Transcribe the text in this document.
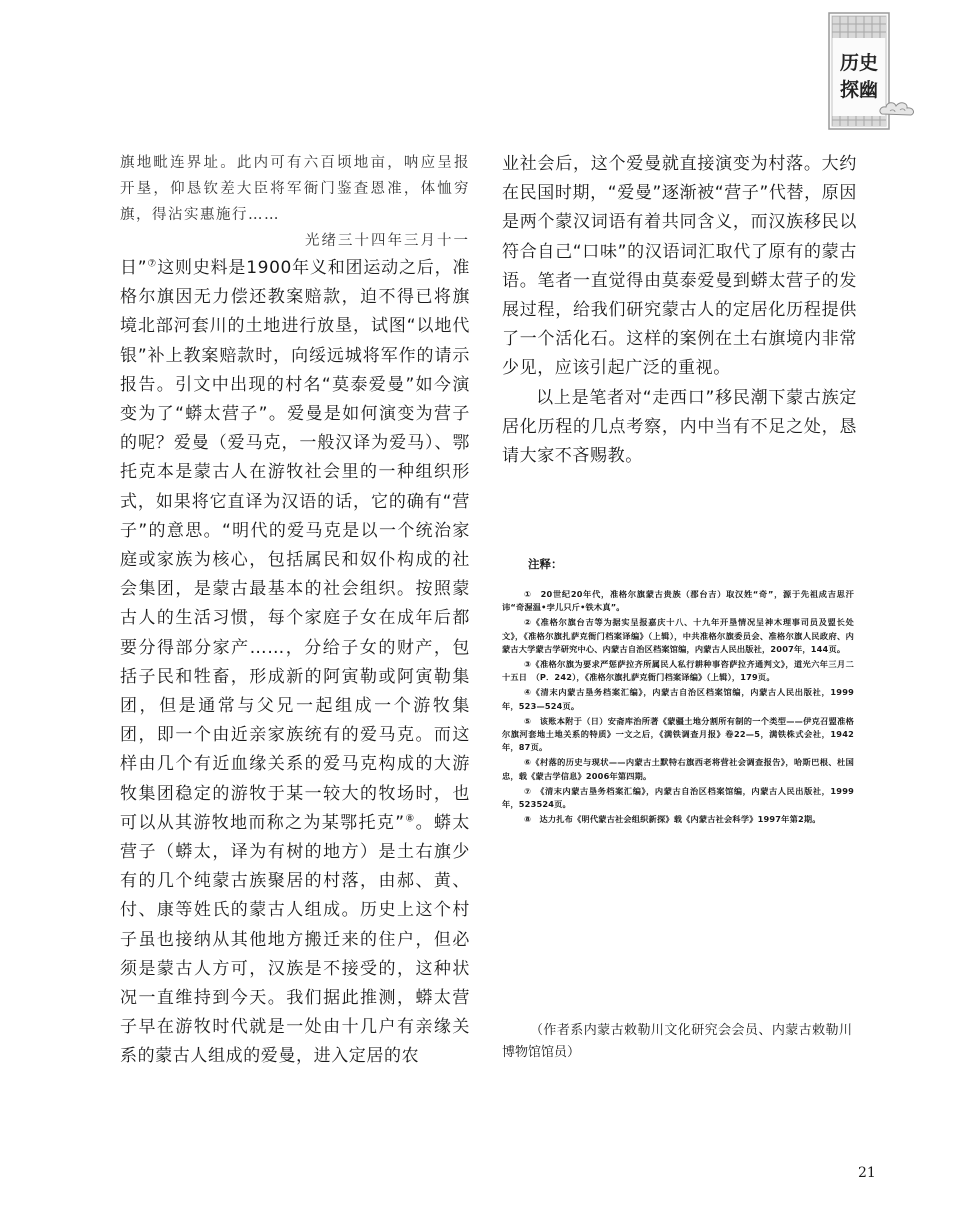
历史
探幽

旗地毗连界址。此内可有六百顷地亩，呐应呈报开垦，仰恳钦差大臣将军衙门鉴査恩准，体恤穷旗，得沾实惠施行……

光绪三十四年三月十一

日”⑦这则史料是1900年义和团运动之后，准格尔旗因无力偿还教案赔款，迫不得已将旗境北部河套川的土地进行放垦，试图“以地代银”补上教案赔款时，向绥远城将军作的请示报告。引文中出现的村名“莫泰爱曼”如今演变为了“蟒太营子”。爱曼是如何演变为营子的呢？爱曼（爱马克，一般汉译为爱马）、鄂托克本是蒙古人在游牧社会里的一种组织形式，如果将它直译为汉语的话，它的确有“营子”的意思。“明代的爱马克是以一个统治家庭或家族为核心，包括属民和奴仆构成的社会集团，是蒙古最基本的社会组织。按照蒙古人的生活习惯，每个家庭子女在成年后都要分得部分家产……，分给子女的财产，包括子民和牲畜，形成新的阿寅勒或阿寅勒集团，但是通常与父兄一起组成一个游牧集团，即一个由近亲家族统有的爱马克。而这样由几个有近血缘关系的爱马克构成的大游牧集团稳定的游牧于某一较大的牧场时，也可以从其游牧地而称之为某鄂托克”⑧。蟒太营子（蟒太，译为有树的地方）是土右旗少有的几个纯蒙古族聚居的村落，由郝、黄、付、康等姓氏的蒙古人组成。历史上这个村子虽也接纳从其他地方搬迁来的住户，但必须是蒙古人方可，汉族是不接受的，这种状况一直维持到今天。我们据此推测，蟒太营子早在游牧时代就是一处由十几户有亲缘关系的蒙古人组成的爱曼，进入定居的农

业社会后，这个爱曼就直接演变为村落。大约在民国时期，“爱曼”逐渐被“营子”代替，原因是两个蒙汉词语有着共同含义，而汉族移民以符合自己“口味”的汉语词汇取代了原有的蒙古语。笔者一直觉得由莫泰爱曼到蟒太营子的发展过程，给我们研究蒙古人的定居化历程提供了一个活化石。这样的案例在土右旗境内非常少见，应该引起广泛的重视。

以上是笔者对“走西口”移民潮下蒙古族定居化历程的几点考察，内中当有不足之处，恳请大家不吝赐教。

注释：

①　20世纪20年代，准格尔旗蒙古贵族（郡台吉）取汉姓“奇”，源于先祖成吉思汗讳“奇渥温•孛儿只斤•铁木真”。

②《准格尔旗台吉等为据实呈报嘉庆十八、十九年开垦情况呈神木理事司员及盟长处文》，《准格尔旗扎萨克衙门档案译编》（上辑），中共准格尔旗委员会、准格尔旗人民政府、内蒙古大学蒙古学研究中心、内蒙古自治区档案馆编，内蒙古人民出版社，2007年，144页。

③《准格尔旗为要求严惩萨拉齐所属民人私行耕种事咨萨拉齐通判文》，道光六年三月二十五日　（P．242），《准格尔旗扎萨克衙门档案译编》（上辑），179页。

④《清末内蒙古垦务档案汇编》，内蒙古自治区档案馆编，内蒙古人民出版社，1999　年，523—524页。

⑤　该账本附于（日）安斋库治所著《蒙疆土地分割所有制的一个类型——伊克召盟准格尔旗河套地土地关系的特质》一文之后，《满铁调查月报》卷22—5，满铁株式会社，1942年，87页。

⑥《村落的历史与现状——内蒙古土默特右旗西老将营社会调查报告》，哈斯巴根、杜国忠，载《蒙古学信息》2006年第四期。

⑦　《清末内蒙古垦务档案汇编》，内蒙古自治区档案馆编，内蒙古人民出版社，1999　年，523524页。

⑧　达力扎布《明代蒙古社会组织新探》载《内蒙古社会科学》1997年第2期。

（作者系内蒙古敕勒川文化研究会会员、内蒙古敕勒川博物馆馆员）

21
